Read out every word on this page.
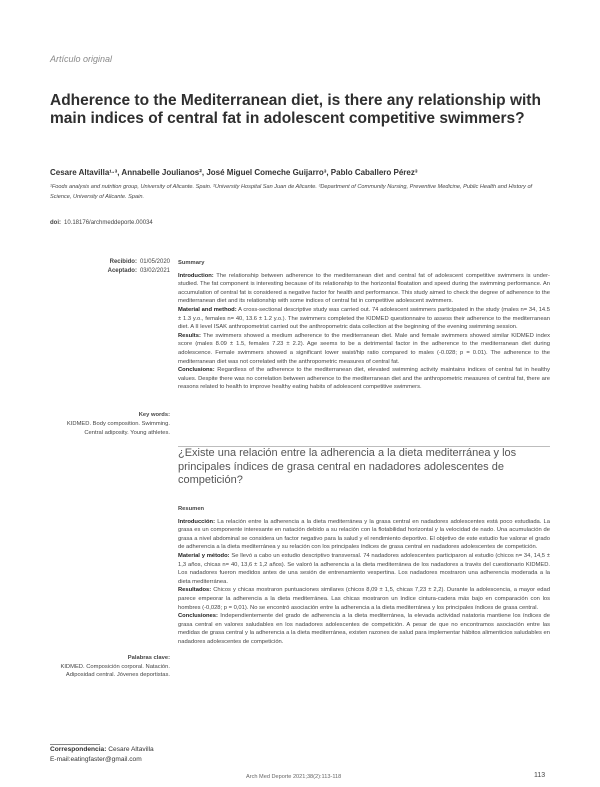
Artículo original
Adherence to the Mediterranean diet, is there any relationship with main indices of central fat in adolescent competitive swimmers?
Cesare Altavilla¹·³, Annabelle Joulianos², José Miguel Comeche Guijarro³, Pablo Caballero Pérez³
¹Foods analysis and nutrition group, University of Alicante. Spain. ²University Hospital San Juan de Alicante. ³Department of Community Nursing, Preventive Medicine, Public Health and History of Science, University of Alicante. Spain.
doi: 10.18176/archmeddeporte.00034
Recibido: 01/05/2020
Aceptado: 03/02/2021
Summary

Introduction: The relationship between adherence to the mediterranean diet and central fat of adolescent competitive swimmers is under-studied. The fat component is interesting because of its relationship to the horizontal floatation and speed during the swimming performance. An accumulation of central fat is considered a negative factor for health and performance. This study aimed to check the degree of adherence to the mediterranean diet and its relationship with some indices of central fat in competitive adolescent swimmers.

Material and method: A cross-sectional descriptive study was carried out. 74 adolescent swimmers participated in the study (males n= 34, 14.5 ± 1.3 y.o., females n= 40, 13.6 ± 1.2 y.o.). The swimmers completed the KIDMED questionnaire to assess their adherence to the mediterranean diet. A II level ISAK anthropometrist carried out the anthropometric data collection at the beginning of the evening swimming session.

Results: The swimmers showed a medium adherence to the mediterranean diet. Male and female swimmers showed similar KIDMED index score (males 8.09 ± 1.5, females 7.23 ± 2.2). Age seems to be a detrimental factor in the adherence to the mediterranean diet during adolescence. Female swimmers showed a significant lower waist/hip ratio compared to males (-0.028; p = 0.01). The adherence to the mediterranean diet was not correlated with the anthropometric measures of central fat.

Conclusions: Regardless of the adherence to the mediterranean diet, elevated swimming activity maintains indices of central fat in healthy values. Despite there was no correlation between adherence to the mediterranean diet and the anthropometric measures of central fat, there are reasons related to health to improve healthy eating habits of adolescent competitive swimmers.

Key words:
KIDMED. Body composition. Swimming. Central adiposity. Young athletes.
¿Existe una relación entre la adherencia a la dieta mediterránea y los principales índices de grasa central en nadadores adolescentes de competición?
Resumen

Introducción: La relación entre la adherencia a la dieta mediterránea y la grasa central en nadadores adolescentes está poco estudiada. La grasa es un componente interesante en natación debido a su relación con la flotabilidad horizontal y la velocidad de nado. Una acumulación de grasa a nivel abdominal se considera un factor negativo para la salud y el rendimiento deportivo. El objetivo de este estudio fue valorar el grado de adherencia a la dieta mediterránea y su relación con los principales índices de grasa central en nadadores adolescentes de competición.

Material y método: Se llevó a cabo un estudio descriptivo transversal. 74 nadadores adolescentes participaron al estudio (chicos n= 34, 14,5 ± 1,3 años, chicas n= 40, 13,6 ± 1,2 años). Se valoró la adherencia a la dieta mediterránea de los nadadores a través del cuestionario KIDMED. Los nadadores fueron medidos antes de una sesión de entrenamiento vespertina. Los nadadores mostraron una adherencia moderada a la dieta mediterránea.

Resultados: Chicos y chicas mostraron puntuaciones similares (chicos 8,09 ± 1,5, chicas 7,23 ± 2,2). Durante la adolescencia, a mayor edad parece empeorar la adherencia a la dieta mediterránea. Las chicas mostraron un índice cintura-cadera más bajo en comparación con los hombres (-0,028; p = 0,01). No se encontró asociación entre la adherencia a la dieta mediterránea y los principales índices de grasa central.

Conclusiones: Independientemente del grado de adherencia a la dieta mediterránea, la elevada actividad natatoria mantiene los índices de grasa central en valores saludables en los nadadores adolescentes de competición. A pesar de que no encontramos asociación entre las medidas de grasa central y la adherencia a la dieta mediterránea, existen razones de salud para implementar hábitos alimenticios saludables en nadadores adolescentes de competición.

Palabras clave:
KIDMED. Composición corporal. Natación. Adiposidad central. Jóvenes deportistas.
Correspondencia: Cesare Altavilla
E-mail:eatingfaster@gmail.com
Arch Med Deporte 2021;38(2):113-118	113
